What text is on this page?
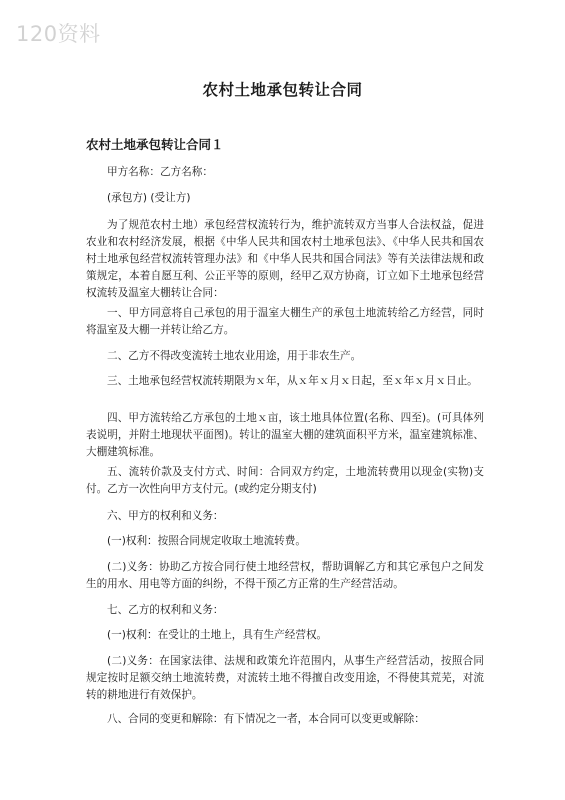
120资料
农村土地承包转让合同
农村土地承包转让合同１

甲方名称：乙方名称：

(承包方) (受让方)

为了规范农村土地）承包经营权流转行为，维护流转双方当事人合法权益，促进农业和农村经济发展，根据《中华人民共和国农村土地承包法》、《中华人民共和国农村土地承包经营权流转管理办法》和《中华人民共和国合同法》等有关法律法规和政策规定，本着自愿互利、公正平等的原则，经甲乙双方协商，订立如下土地承包经营权流转及温室大棚转让合同：

一、甲方同意将自己承包的用于温室大棚生产的承包土地流转给乙方经营，同时将温室及大棚一并转让给乙方。

二、乙方不得改变流转土地农业用途，用于非农生产。

三、土地承包经营权流转期限为ｘ年，从ｘ年ｘ月ｘ日起，至ｘ年ｘ月ｘ日止。

四、甲方流转给乙方承包的土地ｘ亩，该土地具体位置(名称、四至)。(可具体列表说明，并附土地现状平面图)。转让的温室大棚的建筑面积平方米，温室建筑标准、大棚建筑标准。

五、流转价款及支付方式、时间：合同双方约定，土地流转费用以现金(实物)支付。乙方一次性向甲方支付元。(或约定分期支付)

六、甲方的权利和义务：

(一)权利：按照合同规定收取土地流转费。

(二)义务：协助乙方按合同行使土地经营权，帮助调解乙方和其它承包户之间发生的用水、用电等方面的纠纷，不得干预乙方正常的生产经营活动。

七、乙方的权利和义务：

(一)权利：在受让的土地上，具有生产经营权。

(二)义务：在国家法律、法规和政策允许范围内，从事生产经营活动，按照合同规定按时足额交纳土地流转费，对流转土地不得擅自改变用途，不得使其荒芜，对流转的耕地进行有效保护。

八、合同的变更和解除：有下情况之一者，本合同可以变更或解除：
